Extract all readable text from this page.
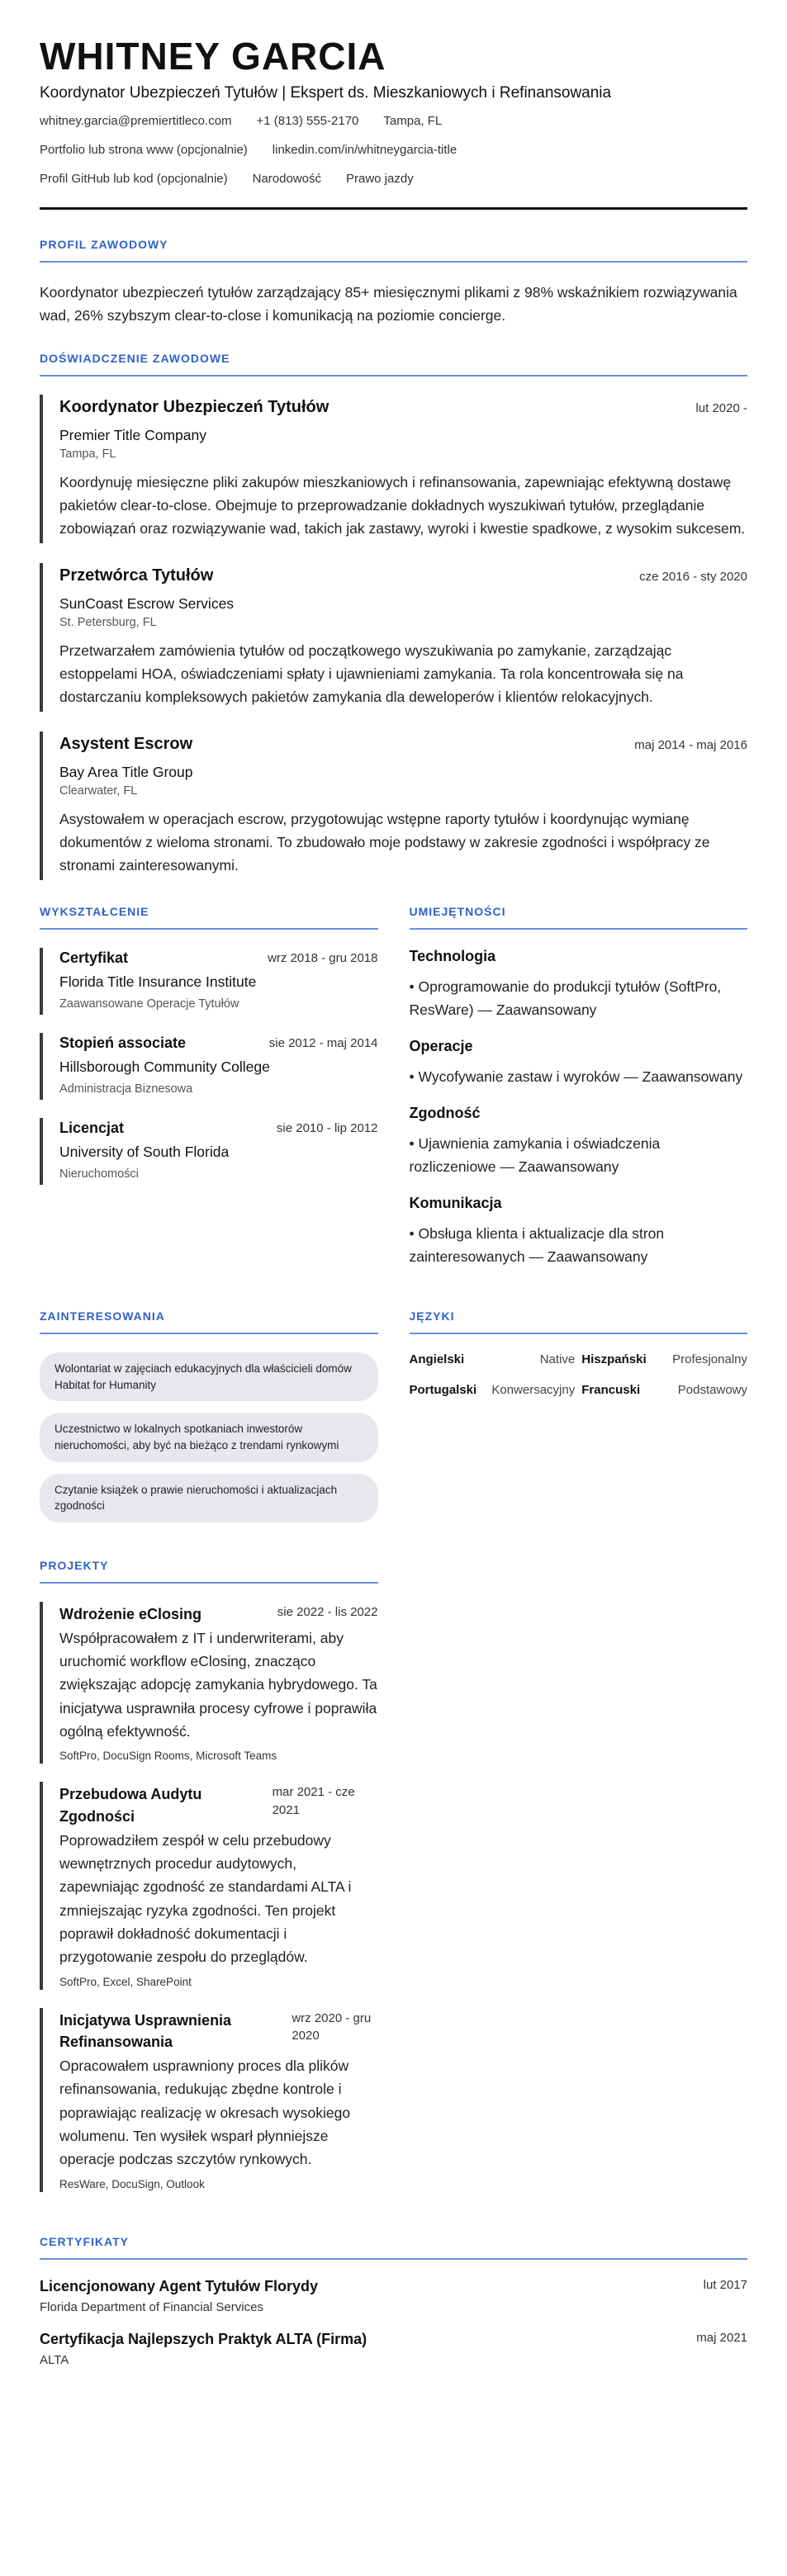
WHITNEY GARCIA
Koordynator Ubezpieczeń Tytułów | Ekspert ds. Mieszkaniowych i Refinansowania
whitney.garcia@premiertitleco.com +1 (813) 555-2170 Tampa, FL
Portfolio lub strona www (opcjonalnie) linkedin.com/in/whitneygarcia-title
Profil GitHub lub kod (opcjonalnie) Narodowość Prawo jazdy
PROFIL ZAWODOWY

Koordynator ubezpieczeń tytułów zarządzający 85+ miesięcznymi plikami z 98% wskaźnikiem rozwiązywania wad, 26% szybszym clear-to-close i komunikacją na poziomie concierge.

DOŚWIADCZENIE ZAWODOWE
Koordynator Ubezpieczeń Tytułów	lut 2020 -
Premier Title Company
Tampa, FL

Koordynuję miesięczne pliki zakupów mieszkaniowych i refinansowania, zapewniając efektywną dostawę pakietów clear-to-close. Obejmuje to przeprowadzanie dokładnych wyszukiwań tytułów, przeglądanie zobowiązań oraz rozwiązywanie wad, takich jak zastawy, wyroki i kwestie spadkowe, z wysokim sukcesem.

Przetwórca Tytułów	cze 2016 - sty 2020
SunCoast Escrow Services
St. Petersburg, FL

Przetwarzałem zamówienia tytułów od początkowego wyszukiwania po zamykanie, zarządzając estoppelami HOA, oświadczeniami spłaty i ujawnieniami zamykania. Ta rola koncentrowała się na dostarczaniu kompleksowych pakietów zamykania dla deweloperów i klientów relokacyjnych.

Asystent Escrow	maj 2014 - maj 2016
Bay Area Title Group
Clearwater, FL

Asystowałem w operacjach escrow, przygotowując wstępne raporty tytułów i koordynując wymianę dokumentów z wieloma stronami. To zbudowało moje podstawy w zakresie zgodności i współpracy ze stronami zainteresowanymi.

WYKSZTAŁCENIE
Certyfikat	wrz 2018 - gru 2018
Florida Title Insurance Institute
Zaawansowane Operacje Tytułów
Stopień associate	sie 2012 - maj 2014
Hillsborough Community College
Administracja Biznesowa
Licencjat	sie 2010 - lip 2012
University of South Florida
Nieruchomości
UMIEJĘTNOŚCI
Technologia
• Oprogramowanie do produkcji tytułów (SoftPro, ResWare) — Zaawansowany
Operacje
• Wycofywanie zastaw i wyroków — Zaawansowany
Zgodność
• Ujawnienia zamykania i oświadczenia rozliczeniowe — Zaawansowany
Komunikacja
• Obsługa klienta i aktualizacje dla stron zainteresowanych — Zaawansowany
ZAINTERESOWANIA
Wolontariat w zajęciach edukacyjnych dla właścicieli domów Habitat for Humanity
Uczestnictwo w lokalnych spotkaniach inwestorów nieruchomości, aby być na bieżąco z trendami rynkowymi
Czytanie książek o prawie nieruchomości i aktualizacjach zgodności
JĘZYKI
Angielski	Native Hiszpański Profesjonalny
Portugalski Konwersacyjny Francuski	Podstawowy
PROJEKTY
Wdrożenie eClosing	sie 2022 - lis 2022

Współpracowałem z IT i underwriterami, aby uruchomić workflow eClosing, znacząco zwiększając adopcję zamykania hybrydowego. Ta inicjatywa usprawniła procesy cyfrowe i poprawiła ogólną efektywność.

SoftPro, DocuSign Rooms, Microsoft Teams
Przebudowa Audytu Zgodności
mar 2021 - cze 2021

Poprowadziłem zespół w celu przebudowy wewnętrznych procedur audytowych, zapewniając zgodność ze standardami ALTA i zmniejszając ryzyka zgodności. Ten projekt poprawił dokładność dokumentacji i przygotowanie zespołu do przeglądów.

SoftPro, Excel, SharePoint
Inicjatywa Usprawnienia Refinansowania
wrz 2020 - gru 2020

Opracowałem usprawniony proces dla plików refinansowania, redukując zbędne kontrole i poprawiając realizację w okresach wysokiego wolumenu. Ten wysiłek wsparł płynniejsze operacje podczas szczytów rynkowych.

ResWare, DocuSign, Outlook
CERTYFIKATY
Licencjonowany Agent Tytułów Florydy
Florida Department of Financial Services
lut 2017
Certyfikacja Najlepszych Praktyk ALTA (Firma)
ALTA
maj 2021
